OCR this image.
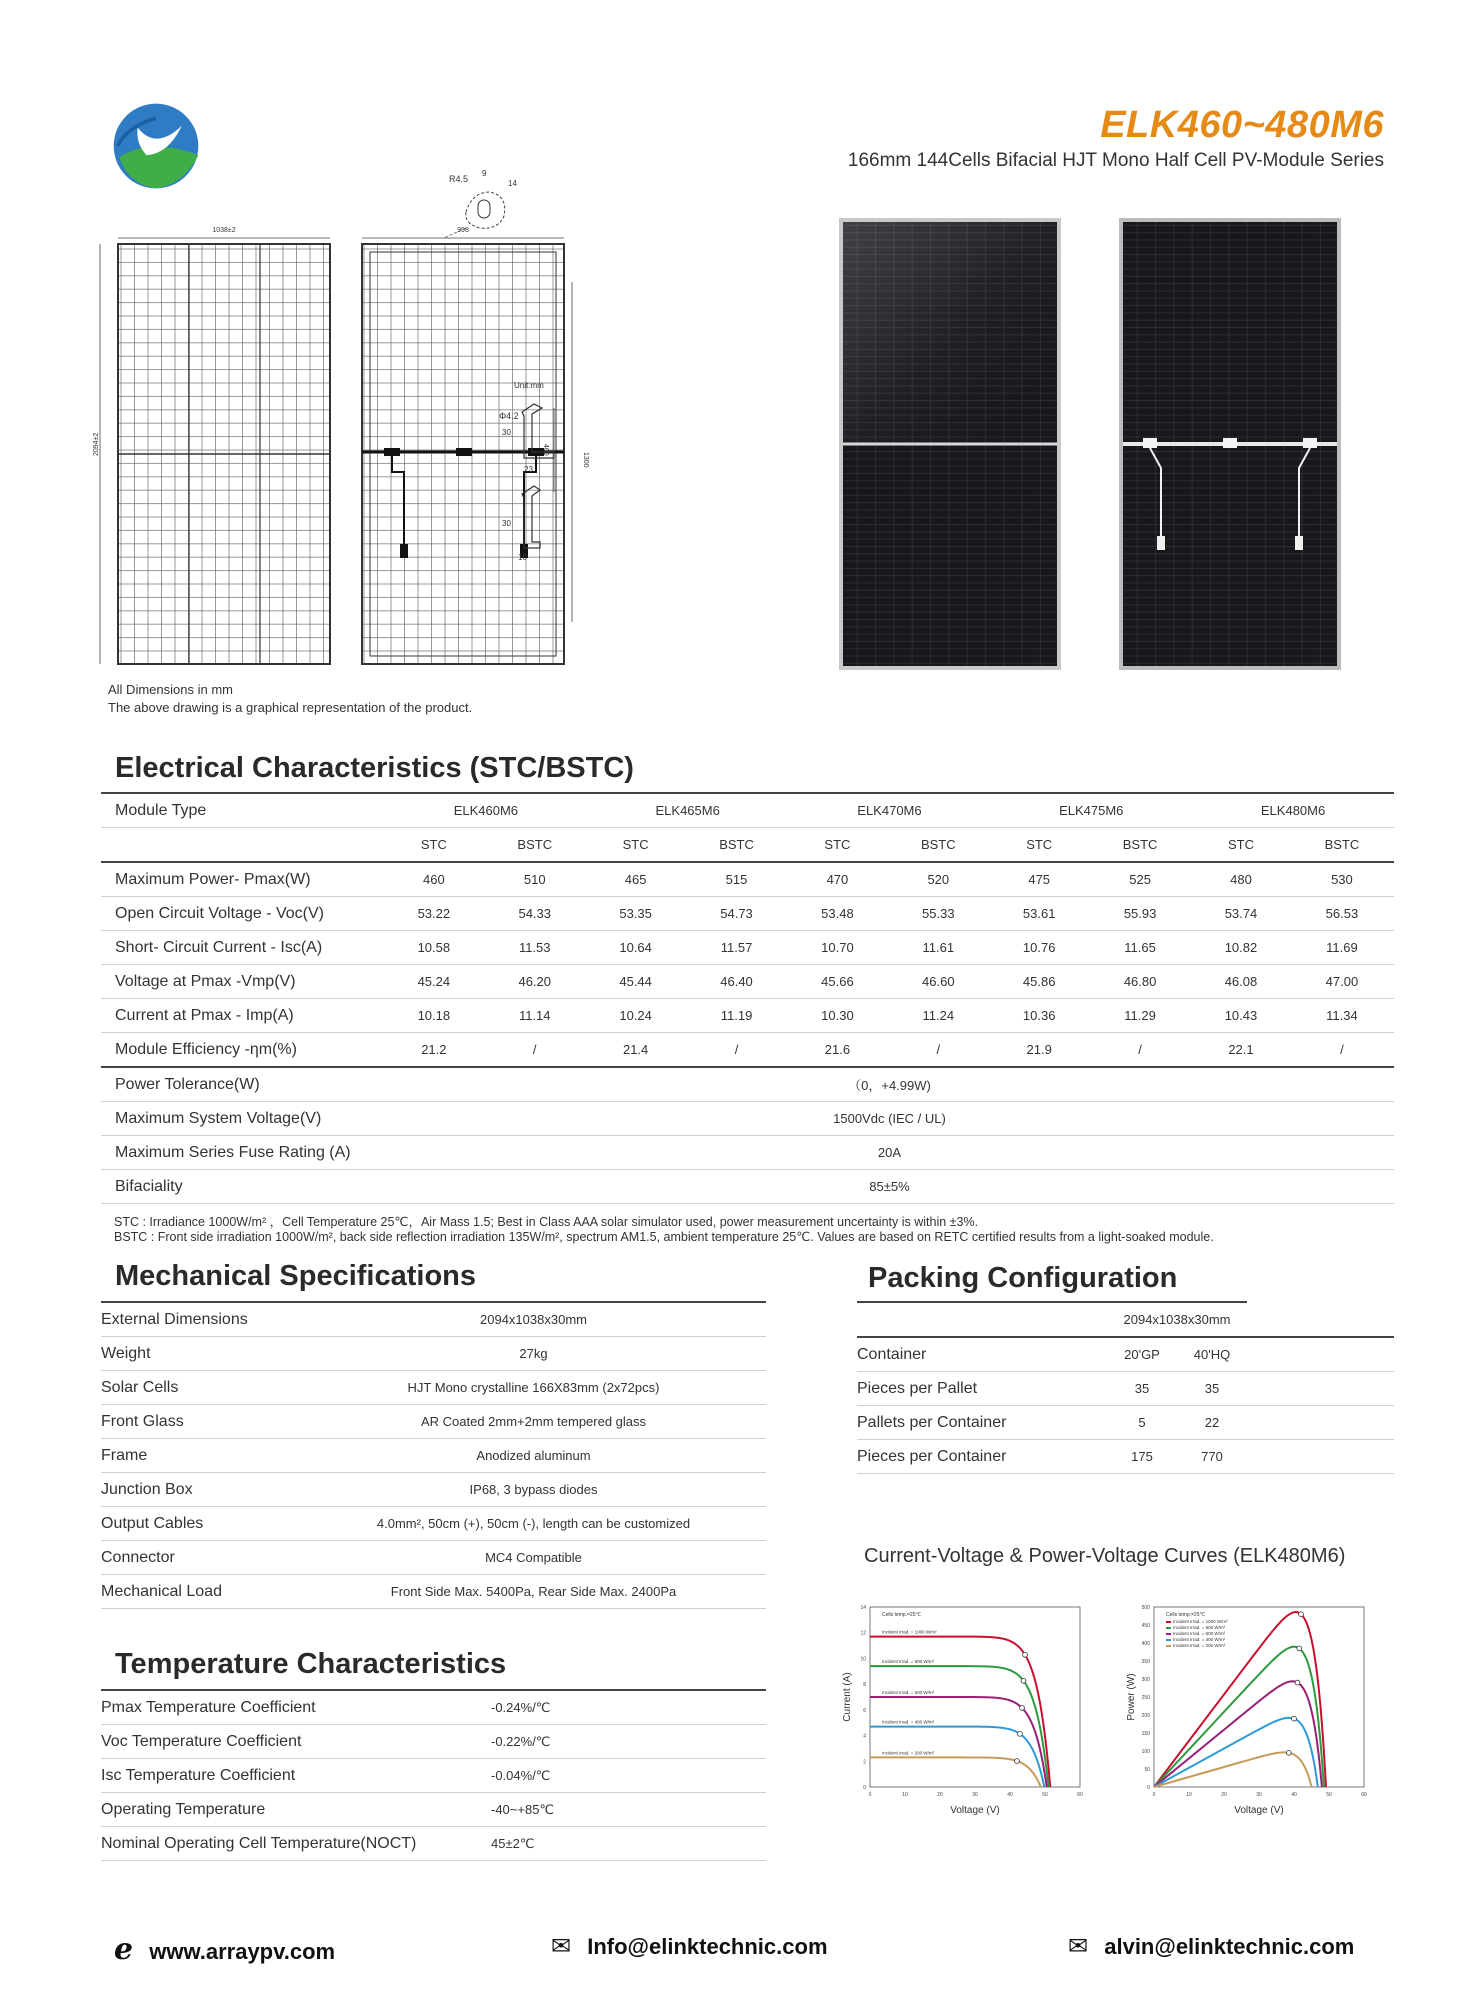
ELK460~480M6
166mm 144Cells Bifacial HJT Mono Half Cell PV-Module Series
1038±2
2094±2
998
1300
400
Φ4.2
R4.5
9
14
Unit:mm
30
23
30
10
All Dimensions in mm
The above drawing is a graphical representation of the product.
Electrical Characteristics (STC/BSTC)
Module Type	ELK460M6		ELK465M6		ELK470M6		ELK475M6		ELK480M6	
	STC	BSTC	STC	BSTC	STC	BSTC	STC	BSTC	STC	BSTC
Maximum Power- Pmax(W)	460	510	465	515	470	520	475	525	480	530
Open Circuit Voltage - Voc(V)	53.22	54.33	53.35	54.73	53.48	55.33	53.61	55.93	53.74	56.53
Short- Circuit Current - Isc(A)	10.58	11.53	10.64	11.57	10.70	11.61	10.76	11.65	10.82	11.69
Voltage at Pmax -Vmp(V)	45.24	46.20	45.44	46.40	45.66	46.60	45.86	46.80	46.08	47.00
Current at Pmax - Imp(A)	10.18	11.14	10.24	11.19	10.30	11.24	10.36	11.29	10.43	11.34
Module Efficiency -ηm(%)	21.2	/	21.4	/	21.6	/	21.9	/	22.1	/
Power Tolerance(W)	（0，+4.99W)									
Maximum System Voltage(V)	1500Vdc (IEC / UL)									
Maximum Series Fuse Rating (A)	20A									
Bifaciality	85±5%									
STC : Irradiance 1000W/m² ，Cell Temperature 25℃，Air Mass 1.5; Best in Class AAA solar simulator used, power measurement uncertainty is within ±3%.
BSTC : Front side irradiation 1000W/m², back side reflection irradiation 135W/m², spectrum AM1.5, ambient temperature 25℃. Values are based on RETC certified results from a light-soaked module.
Mechanical Specifications
External Dimensions	2094x1038x30mm
Weight	27kg
Solar Cells	HJT Mono crystalline 166X83mm (2x72pcs)
Front Glass	AR Coated 2mm+2mm tempered glass
Frame	Anodized aluminum
Junction Box	IP68, 3 bypass diodes
Output Cables	4.0mm², 50cm (+), 50cm (-), length can be customized
Connector	MC4 Compatible
Mechanical Load	Front Side Max. 5400Pa, Rear Side Max. 2400Pa
Packing Configuration
	2094x1038x30mm		
Container	20'GP	40'HQ	
Pieces per Pallet	35	35	
Pallets per Container	5	22	
Pieces per Container	175	770	
Temperature Characteristics
Pmax Temperature Coefficient	-0.24%/℃
Voc Temperature Coefficient	-0.22%/℃
Isc Temperature Coefficient	-0.04%/℃
Operating Temperature	-40~+85℃
Nominal Operating Cell Temperature(NOCT)	45±2℃
Current-Voltage & Power-Voltage Curves (ELK480M6)
0	10	20	30	40	50	60
0
2
4
6
8
10
12
14
Voltage (V)
Current (A)
Cells temp.=25℃
Incident Irrad. = 1000 W/m²
Incident Irrad. = 800 W/m²
Incident Irrad. = 600 W/m²
Incident Irrad. = 400 W/m²
Incident Irrad. = 200 W/m²
0	10	20	30	40	50	60
0
50
100
150
200
250
300
350
400
450
500
Voltage (V)
Power (W)
Cells temp.=25℃
Incident Irrad. = 1000 W/m²
Incident Irrad. = 800 W/m²
Incident Irrad. = 600 W/m²
Incident Irrad. = 400 W/m²
Incident Irrad. = 200 W/m²
ℯ www.arraypv.com	✉ Info@elinktechnic.com	✉ alvin@elinktechnic.com
